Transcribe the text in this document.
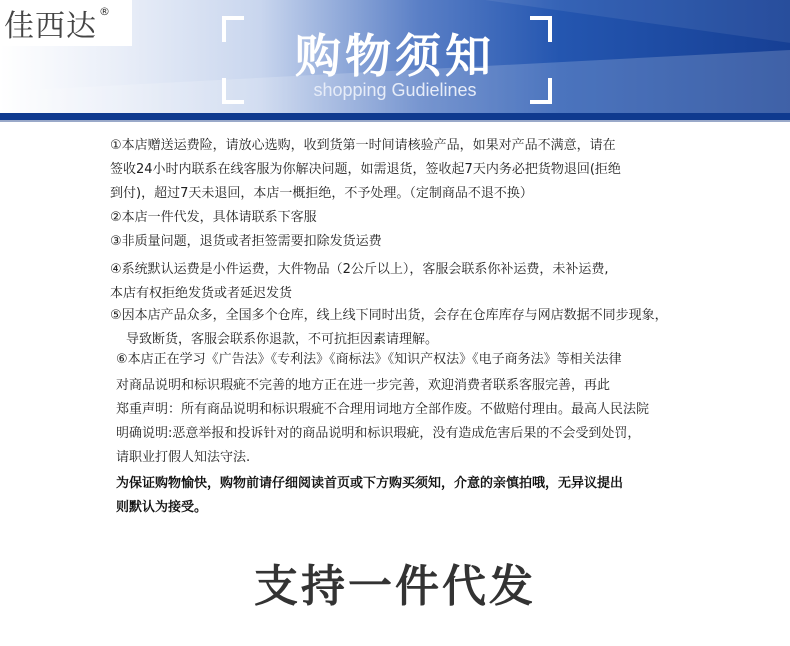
佳西达 ®
购物须知
shopping Gudielines
①本店赠送运费险，请放心选购，收到货第一时间请核验产品，如果对产品不满意，请在
签收24小时内联系在线客服为你解决问题，如需退货，签收起7天内务必把货物退回(拒绝
到付)，超过7天未退回，本店一概拒绝，不予处理。（定制商品不退不换）
②本店一件代发，具体请联系下客服
③非质量问题，退货或者拒签需要扣除发货运费
④系统默认运费是小件运费，大件物品（2公斤以上），客服会联系你补运费，未补运费,
本店有权拒绝发货或者延迟发货
⑤因本店产品众多，全国多个仓库，线上线下同时出货，会存在仓库库存与网店数据不同步现象，
导致断货，客服会联系你退款，不可抗拒因素请理解。
⑥本店正在学习《广告法》《专利法》《商标法》《知识产权法》《电子商务法》等相关法律
对商品说明和标识瑕疵不完善的地方正在进一步完善，欢迎消费者联系客服完善，再此
郑重声明：所有商品说明和标识瑕疵不合理用词地方全部作废。不做赔付理由。最高人民法院
明确说明:恶意举报和投诉针对的商品说明和标识瑕疵，没有造成危害后果的不会受到处罚，
请职业打假人知法守法.
为保证购物愉快，购物前请仔细阅读首页或下方购买须知，介意的亲慎拍哦，无异议提出
则默认为接受。
支持一件代发
